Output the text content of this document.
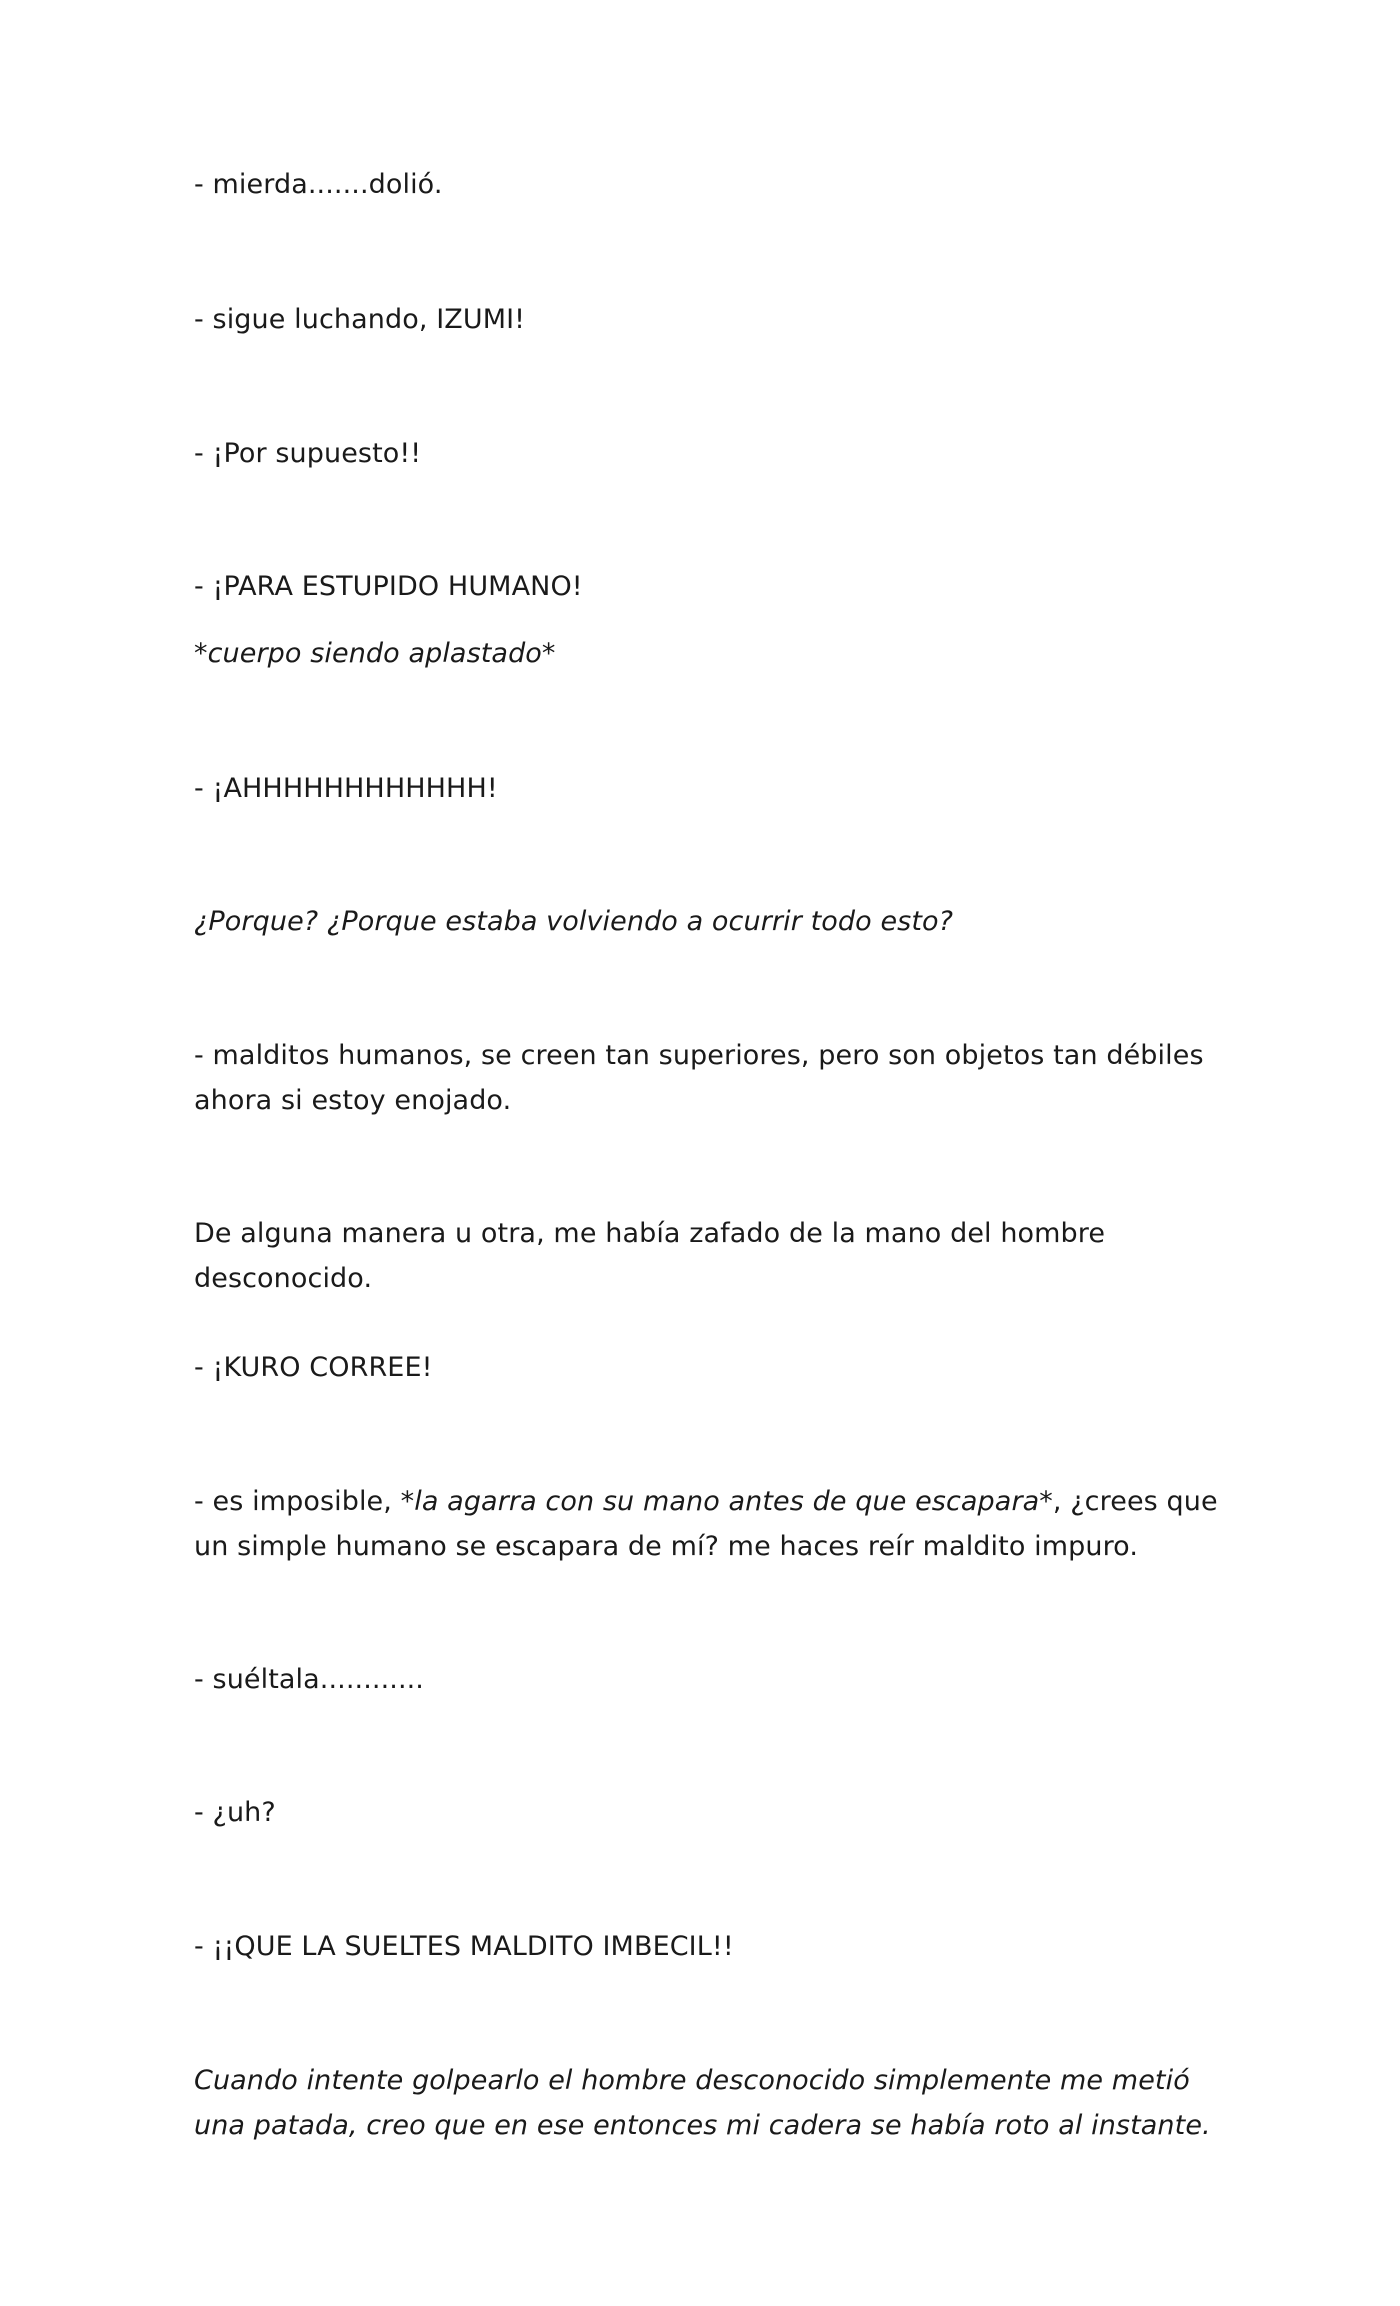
- mierda.......dolió.

- sigue luchando, IZUMI!

- ¡Por supuesto!!

- ¡PARA ESTUPIDO HUMANO!

*cuerpo siendo aplastado*

- ¡AHHHHHHHHHHHH!

¿Porque? ¿Porque estaba volviendo a ocurrir todo esto?

- malditos humanos, se creen tan superiores, pero son objetos tan débiles ahora si estoy enojado.

De alguna manera u otra, me había zafado de la mano del hombre desconocido.

- ¡KURO CORREE!

- es imposible, *la agarra con su mano antes de que escapara*, ¿crees que un simple humano se escapara de mí? me haces reír maldito impuro.

- suéltala............

- ¿uh?

- ¡¡QUE LA SUELTES MALDITO IMBECIL!!

Cuando intente golpearlo el hombre desconocido simplemente me metió una patada, creo que en ese entonces mi cadera se había roto al instante.
